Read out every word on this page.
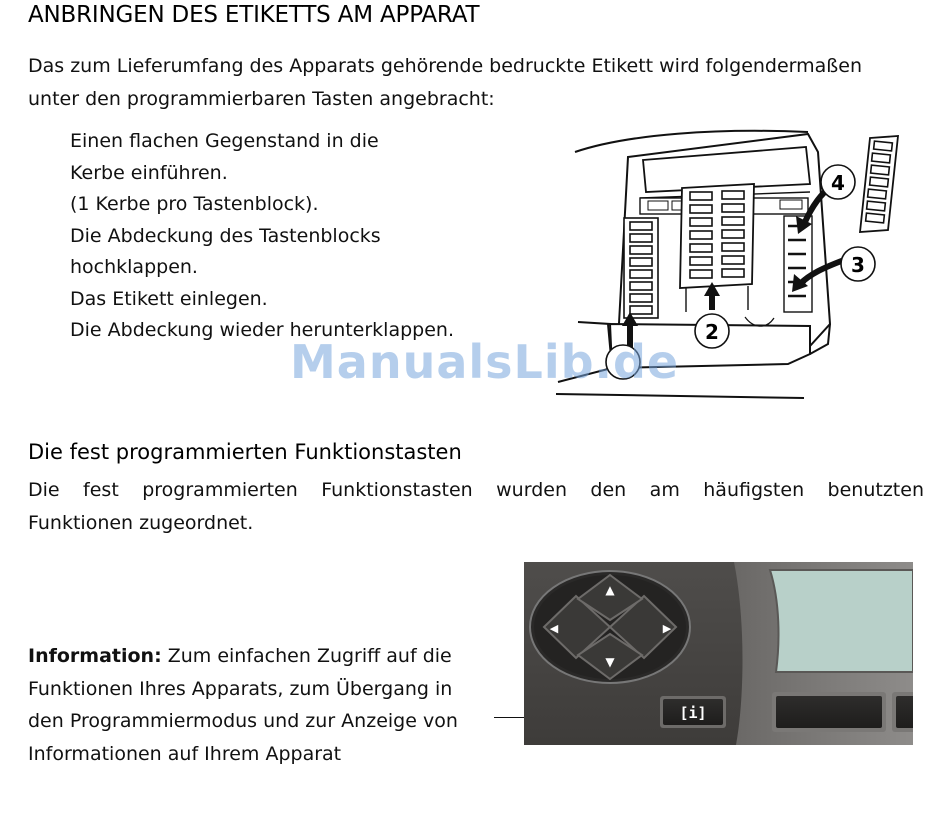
ANBRINGEN DES ETIKETTS AM APPARAT
Das zum Lieferumfang des Apparats gehörende bedruckte Etikett wird folgendermaßen
unter den programmierbaren Tasten angebracht:
Einen flachen Gegenstand in die
Kerbe einführen.
(1 Kerbe pro Tastenblock).
Die Abdeckung des Tastenblocks
hochklappen.
Das Etikett einlegen.
Die Abdeckung wieder herunterklappen.	2
3
4
ManualsLib.de
Die fest programmierten Funktionstasten
Die fest programmierten Funktionstasten wurden den am häufigsten benutzten
Funktionen zugeordnet.
Information: Zum einfachen Zugriff auf die
Funktionen Ihres Apparats, zum Übergang in
den Programmiermodus und zur Anzeige von
Informationen auf Ihrem Apparat
▲
▼
◀	▶
[i]
